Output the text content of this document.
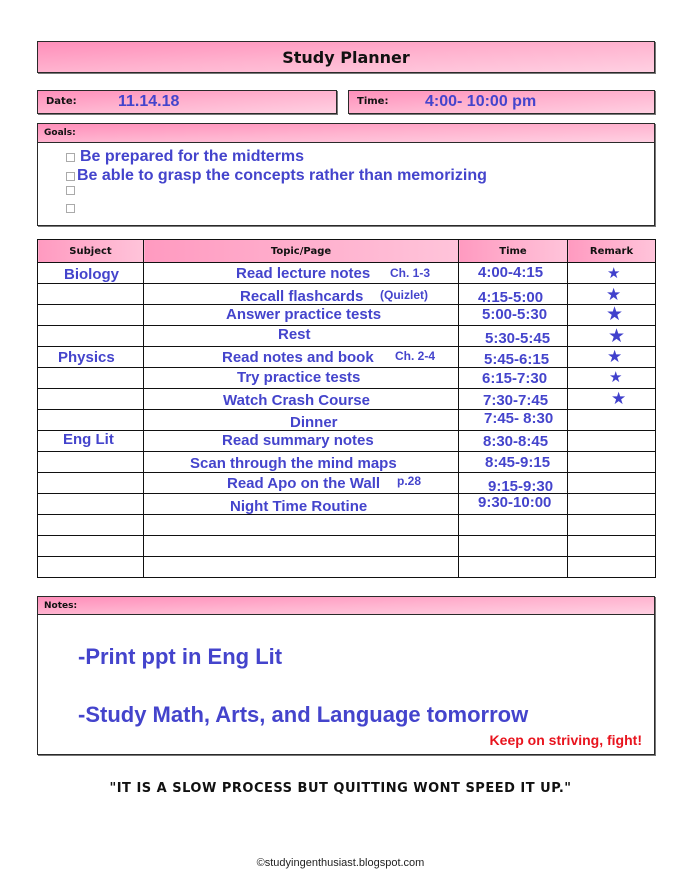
Study Planner
Date:	11.14.18	Time: 4:00- 10:00 pm
Goals:
Be prepared for the midterms
Be able to grasp the concepts rather than memorizing
Subject	Topic/Page	Time	Remark

Biology	Read lecture notes Ch. 1-3	4:00-4:15	★

	Recall flashcards (Quizlet)	4:15-5:00	★

	Answer practice tests	5:00-5:30	★

	Rest	5:30-5:45	★

Physics	Read notes and book Ch. 2-4	5:45-6:15	★

	Try practice tests	6:15-7:30	★

	Watch Crash Course	7:30-7:45	★

	Dinner	7:45- 8:30	

Eng Lit	Read summary notes	8:30-8:45	

	Scan through the mind maps	8:45-9:15	

	Read Apo on the Wall p.28	9:15-9:30	

	Night Time Routine	9:30-10:00	

Notes:
-Print ppt in Eng Lit
-Study Math, Arts, and Language tomorrow
Keep on striving, fight!
"IT IS A SLOW PROCESS BUT QUITTING WONT SPEED IT UP."
©studyingenthusiast.blogspot.com
